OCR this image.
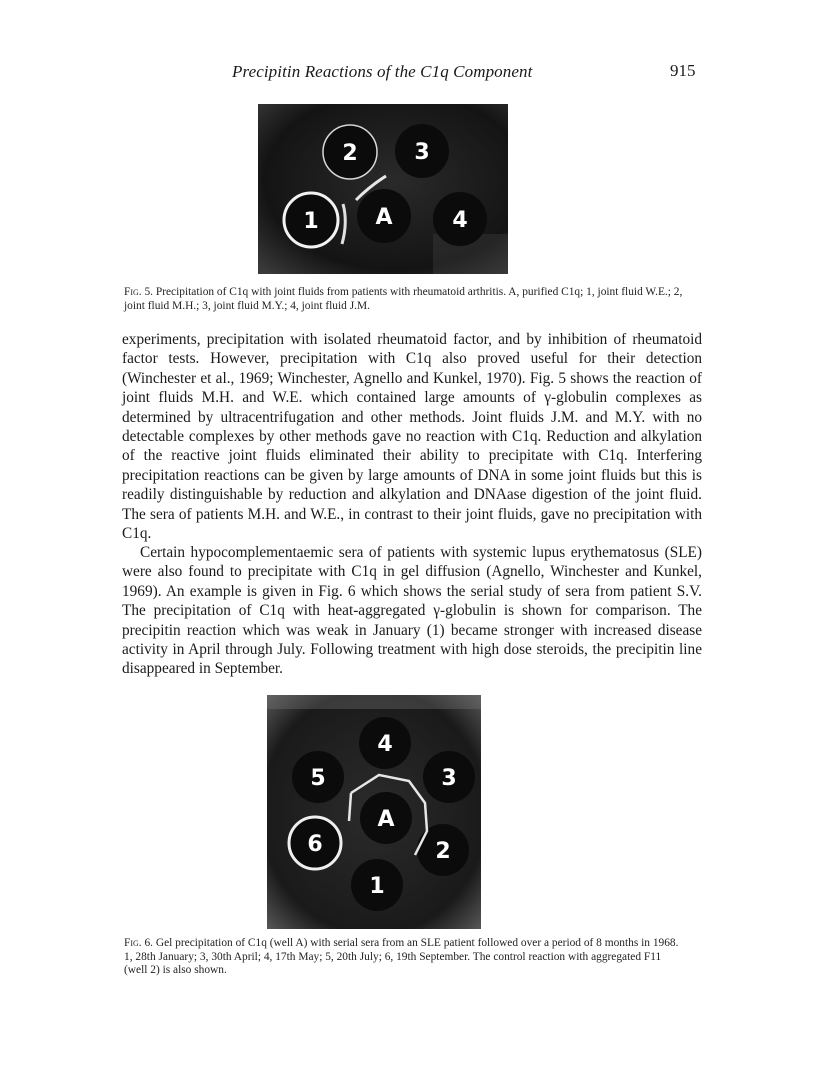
Precipitin Reactions of the C1q Component	915
2	3
1	A	4
Fig. 5. Precipitation of C1q with joint fluids from patients with rheumatoid arthritis. A, purified C1q; 1, joint fluid W.E.; 2, joint fluid M.H.; 3, joint fluid M.Y.; 4, joint fluid J.M.

experiments, precipitation with isolated rheumatoid factor, and by inhibition of rheumatoid factor tests. However, precipitation with C1q also proved useful for their detection (Winchester et al., 1969; Winchester, Agnello and Kunkel, 1970). Fig. 5 shows the reaction of joint fluids M.H. and W.E. which contained large amounts of γ-globulin complexes as determined by ultracentrifugation and other methods. Joint fluids J.M. and M.Y. with no detectable complexes by other methods gave no reaction with C1q. Reduction and alkylation of the reactive joint fluids eliminated their ability to precipitate with C1q. Interfering precipitation reactions can be given by large amounts of DNA in some joint fluids but this is readily distinguishable by reduction and alkylation and DNAase digestion of the joint fluid. The sera of patients M.H. and W.E., in contrast to their joint fluids, gave no precipitation with C1q.

Certain hypocomplementaemic sera of patients with systemic lupus erythematosus (SLE) were also found to precipitate with C1q in gel diffusion (Agnello, Winchester and Kunkel, 1969). An example is given in Fig. 6 which shows the serial study of sera from patient S.V. The precipitation of C1q with heat-aggregated γ-globulin is shown for comparison. The precipitin reaction which was weak in January (1) became stronger with increased disease activity in April through July. Following treatment with high dose steroids, the precipitin line disappeared in September.

4
5	3
A
6	2
1
Fig. 6. Gel precipitation of C1q (well A) with serial sera from an SLE patient followed over a period of 8 months in 1968. 1, 28th January; 3, 30th April; 4, 17th May; 5, 20th July; 6, 19th September. The control reaction with aggregated F11 (well 2) is also shown.
